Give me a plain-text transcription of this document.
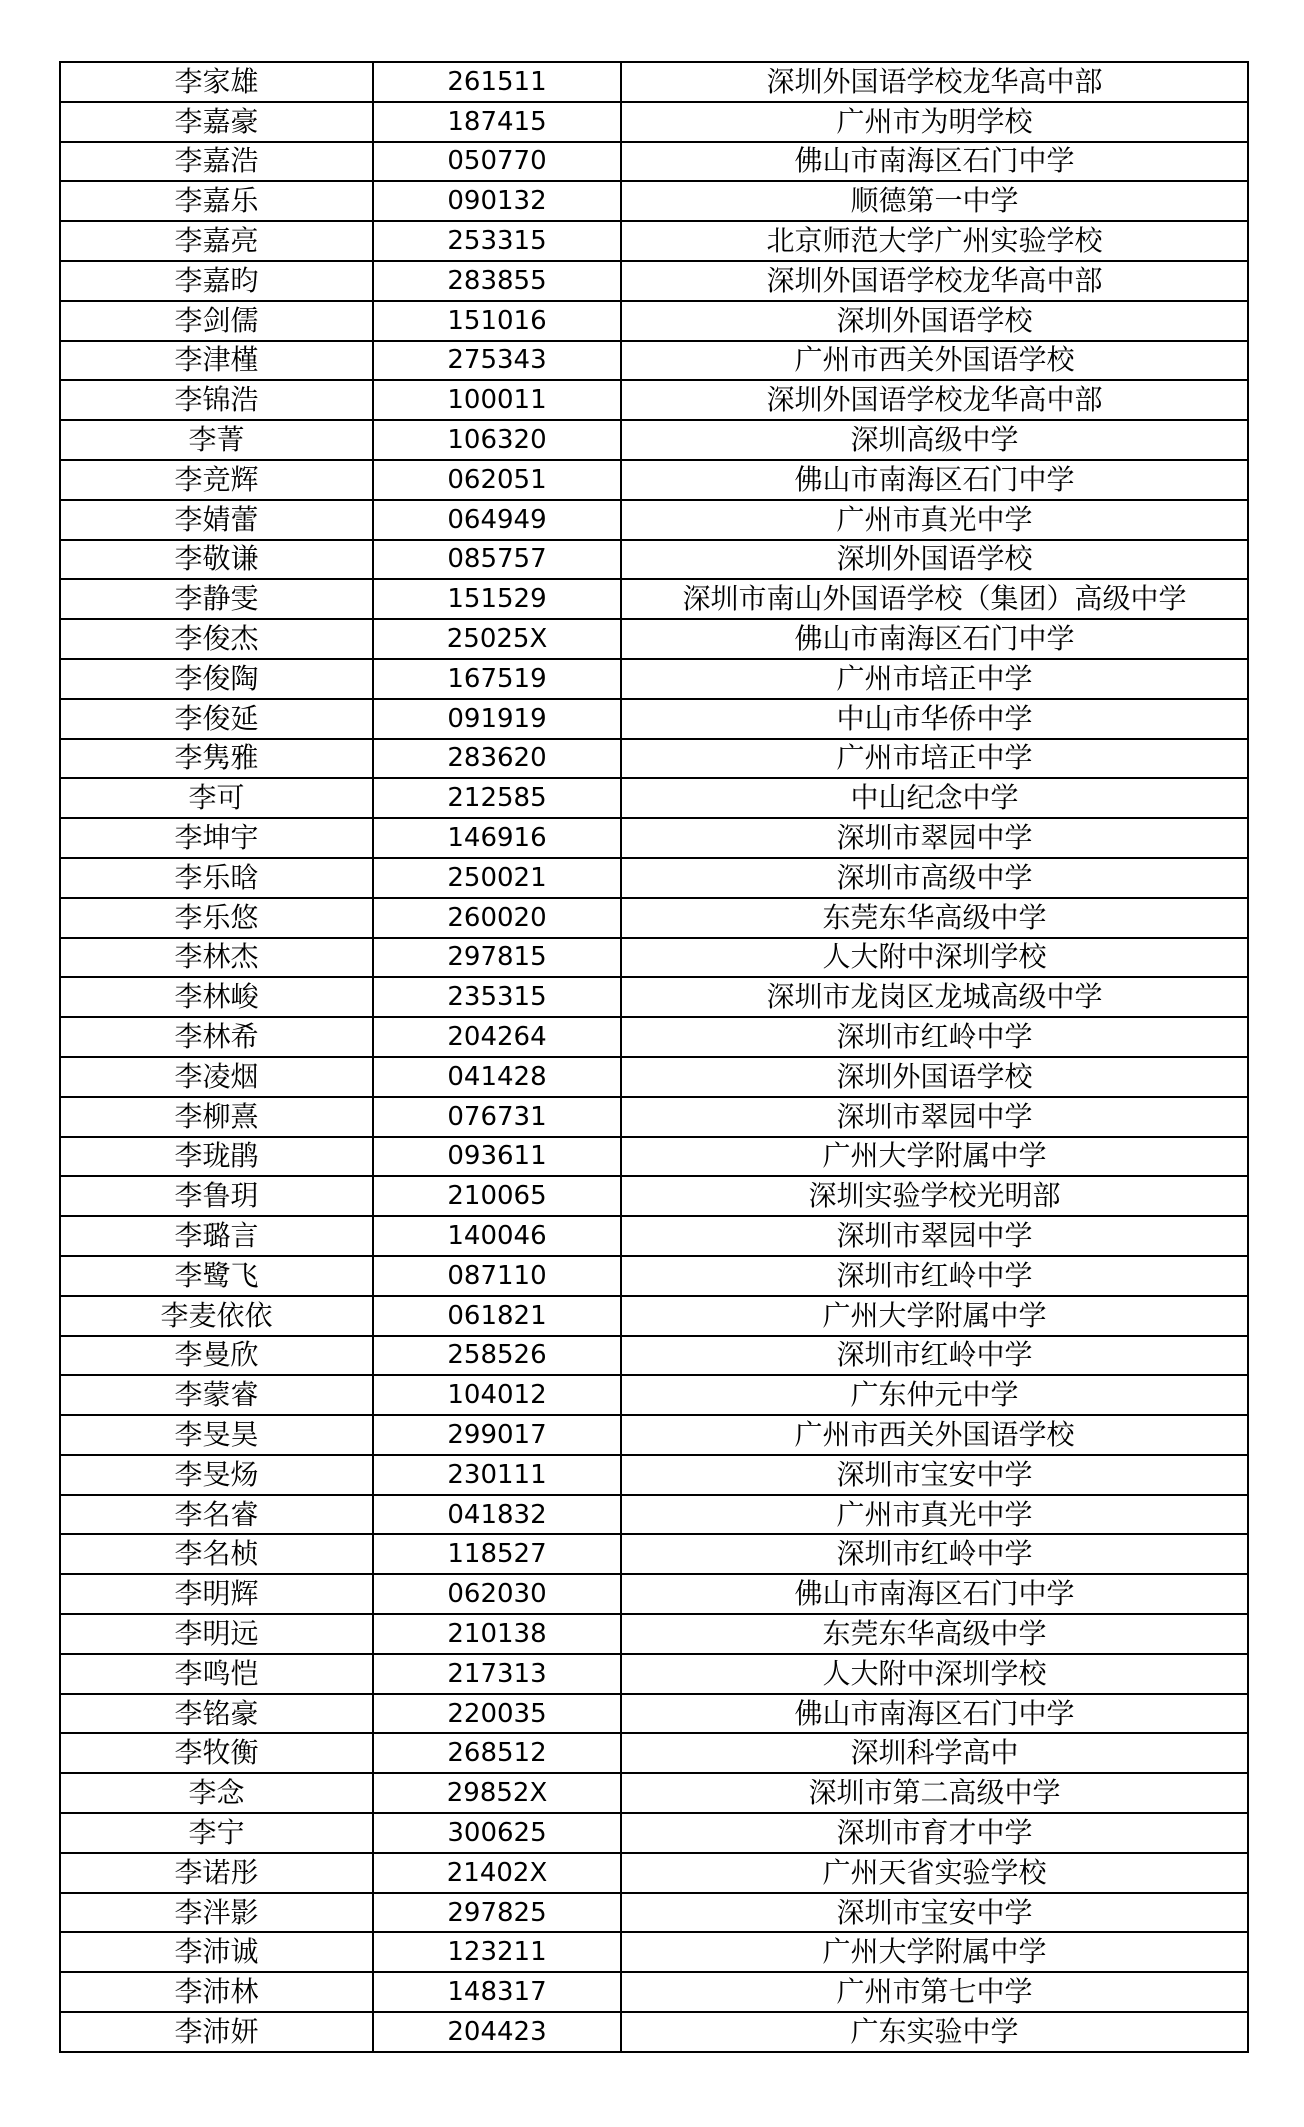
李家雄	261511	深圳外国语学校龙华高中部
李嘉豪	187415	广州市为明学校
李嘉浩	050770	佛山市南海区石门中学
李嘉乐	090132	顺德第一中学
李嘉亮	253315	北京师范大学广州实验学校
李嘉昀	283855	深圳外国语学校龙华高中部
李剑儒	151016	深圳外国语学校
李津槿	275343	广州市西关外国语学校
李锦浩	100011	深圳外国语学校龙华高中部
李菁	106320	深圳高级中学
李竞辉	062051	佛山市南海区石门中学
李婧蕾	064949	广州市真光中学
李敬谦	085757	深圳外国语学校
李静雯	151529	深圳市南山外国语学校（集团）高级中学
李俊杰	25025X	佛山市南海区石门中学
李俊陶	167519	广州市培正中学
李俊延	091919	中山市华侨中学
李隽雅	283620	广州市培正中学
李可	212585	中山纪念中学
李坤宇	146916	深圳市翠园中学
李乐晗	250021	深圳市高级中学
李乐悠	260020	东莞东华高级中学
李林杰	297815	人大附中深圳学校
李林峻	235315	深圳市龙岗区龙城高级中学
李林希	204264	深圳市红岭中学
李凌烟	041428	深圳外国语学校
李柳熹	076731	深圳市翠园中学
李珑鹃	093611	广州大学附属中学
李鲁玥	210065	深圳实验学校光明部
李璐言	140046	深圳市翠园中学
李鹭飞	087110	深圳市红岭中学
李麦依依	061821	广州大学附属中学
李曼欣	258526	深圳市红岭中学
李蒙睿	104012	广东仲元中学
李旻昊	299017	广州市西关外国语学校
李旻炀	230111	深圳市宝安中学
李名睿	041832	广州市真光中学
李名桢	118527	深圳市红岭中学
李明辉	062030	佛山市南海区石门中学
李明远	210138	东莞东华高级中学
李鸣恺	217313	人大附中深圳学校
李铭豪	220035	佛山市南海区石门中学
李牧衡	268512	深圳科学高中
李念	29852X	深圳市第二高级中学
李宁	300625	深圳市育才中学
李诺彤	21402X	广州天省实验学校
李泮影	297825	深圳市宝安中学
李沛诚	123211	广州大学附属中学
李沛林	148317	广州市第七中学
李沛妍	204423	广东实验中学
